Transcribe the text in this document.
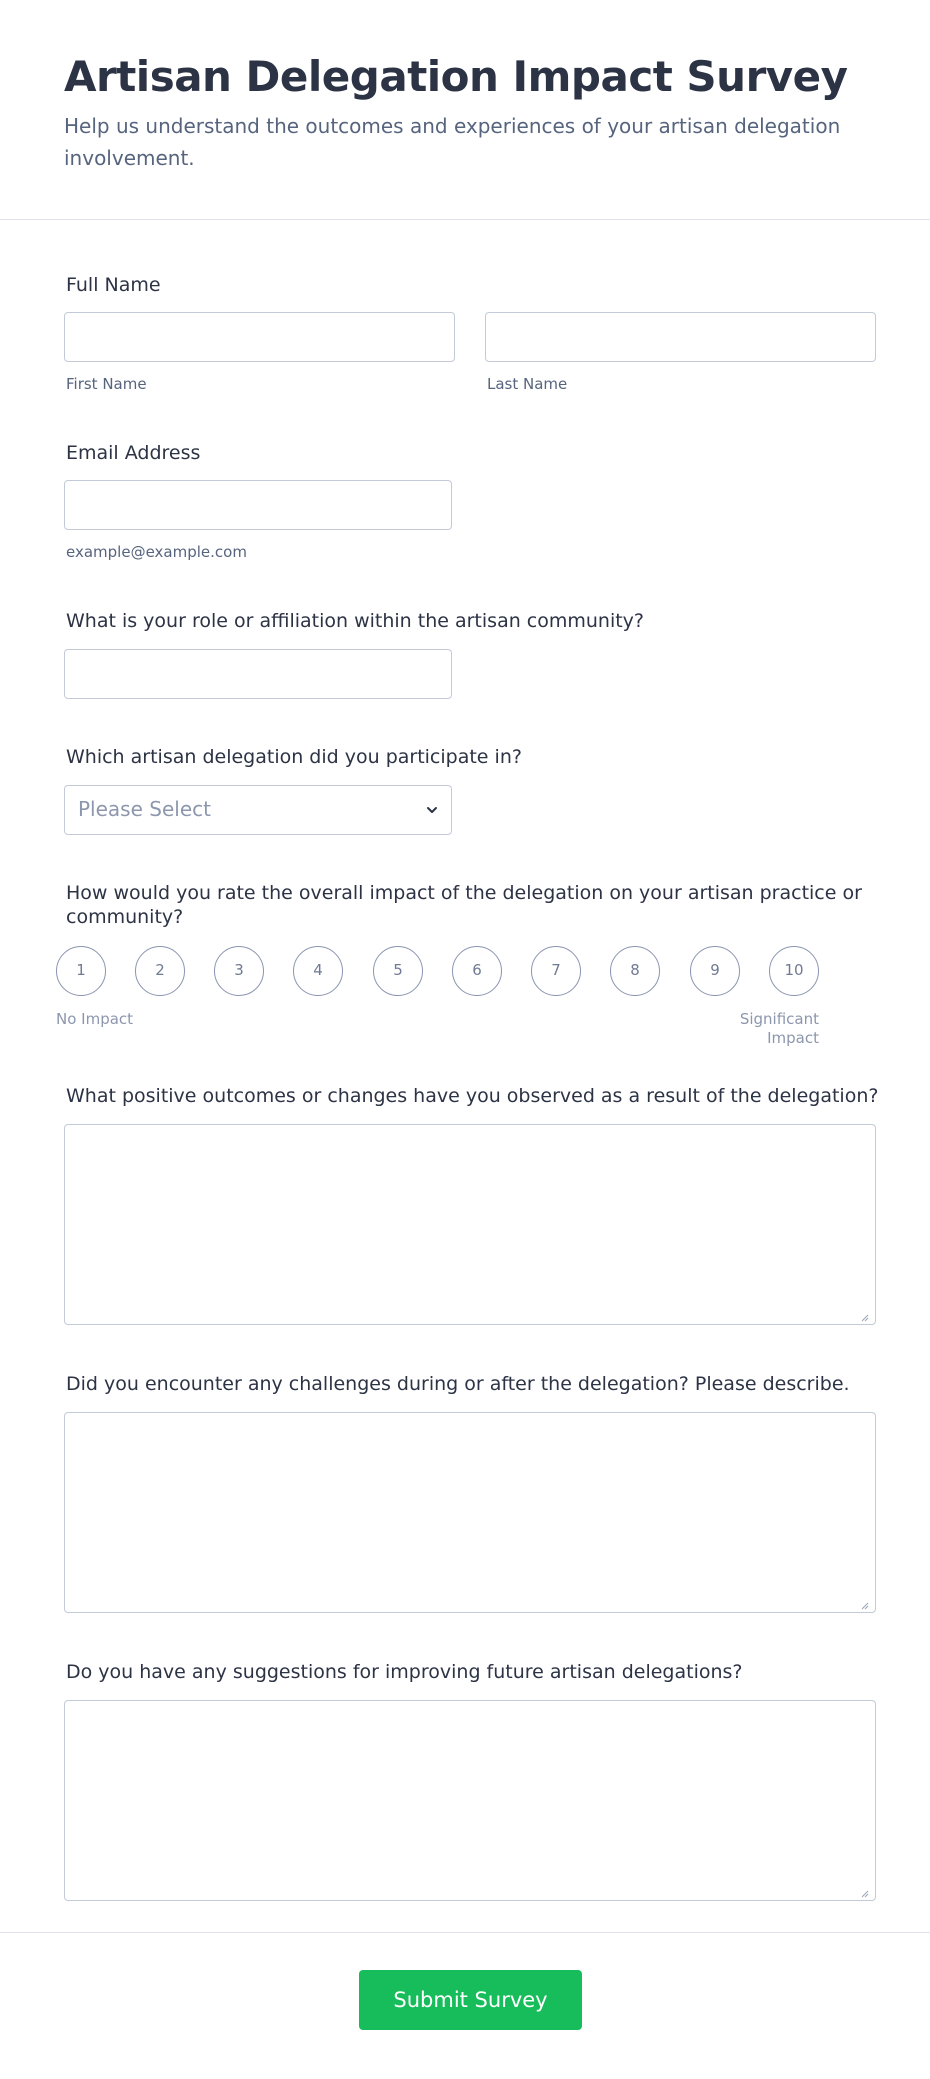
Artisan Delegation Impact Survey

Help us understand the outcomes and experiences of your artisan delegation involvement.

Full Name
First Name	Last Name
Email Address
example@example.com
What is your role or affiliation within the artisan community?
Which artisan delegation did you participate in?
Please Select
How would you rate the overall impact of the delegation on your artisan practice or community?
1	2	3	4	5	6	7	8	9	10
No Impact	Significant
Impact
What positive outcomes or changes have you observed as a result of the delegation?
Did you encounter any challenges during or after the delegation? Please describe.
Do you have any suggestions for improving future artisan delegations?
Submit Survey
